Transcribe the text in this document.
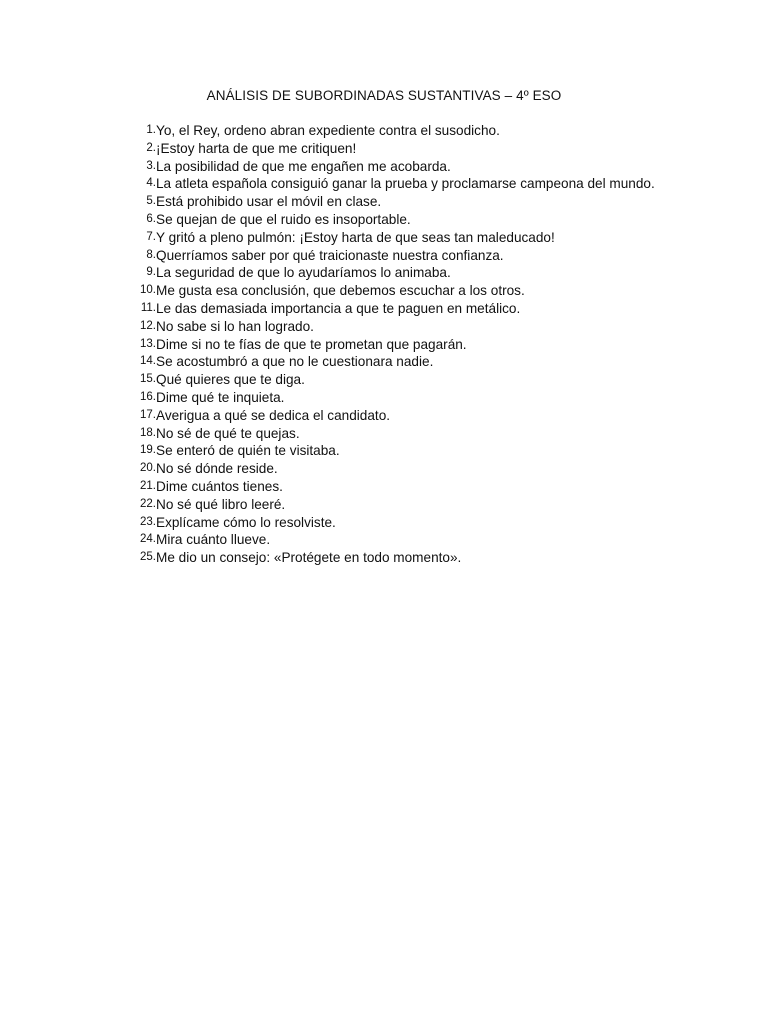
ANÁLISIS DE SUBORDINADAS SUSTANTIVAS – 4º ESO
1. Yo, el Rey, ordeno abran expediente contra el susodicho.
2. ¡Estoy harta de que me critiquen!
3. La posibilidad de que me engañen me acobarda.
4. La atleta española consiguió ganar la prueba y proclamarse campeona del mundo.
5. Está prohibido usar el móvil en clase.
6. Se quejan de que el ruido es insoportable.
7. Y gritó a pleno pulmón: ¡Estoy harta de que seas tan maleducado!
8. Querríamos saber por qué traicionaste nuestra confianza.
9. La seguridad de que lo ayudaríamos lo animaba.
10. Me gusta esa conclusión, que debemos escuchar a los otros.
11. Le das demasiada importancia a que te paguen en metálico.
12. No sabe si lo han logrado.
13. Dime si no te fías de que te prometan que pagarán.
14. Se acostumbró a que no le cuestionara nadie.
15. Qué quieres que te diga.
16. Dime qué te inquieta.
17. Averigua a qué se dedica el candidato.
18. No sé de qué te quejas.
19. Se enteró de quién te visitaba.
20. No sé dónde reside.
21. Dime cuántos tienes.
22. No sé qué libro leeré.
23. Explícame cómo lo resolviste.
24. Mira cuánto llueve.
25. Me dio un consejo: «Protégete en todo momento».
